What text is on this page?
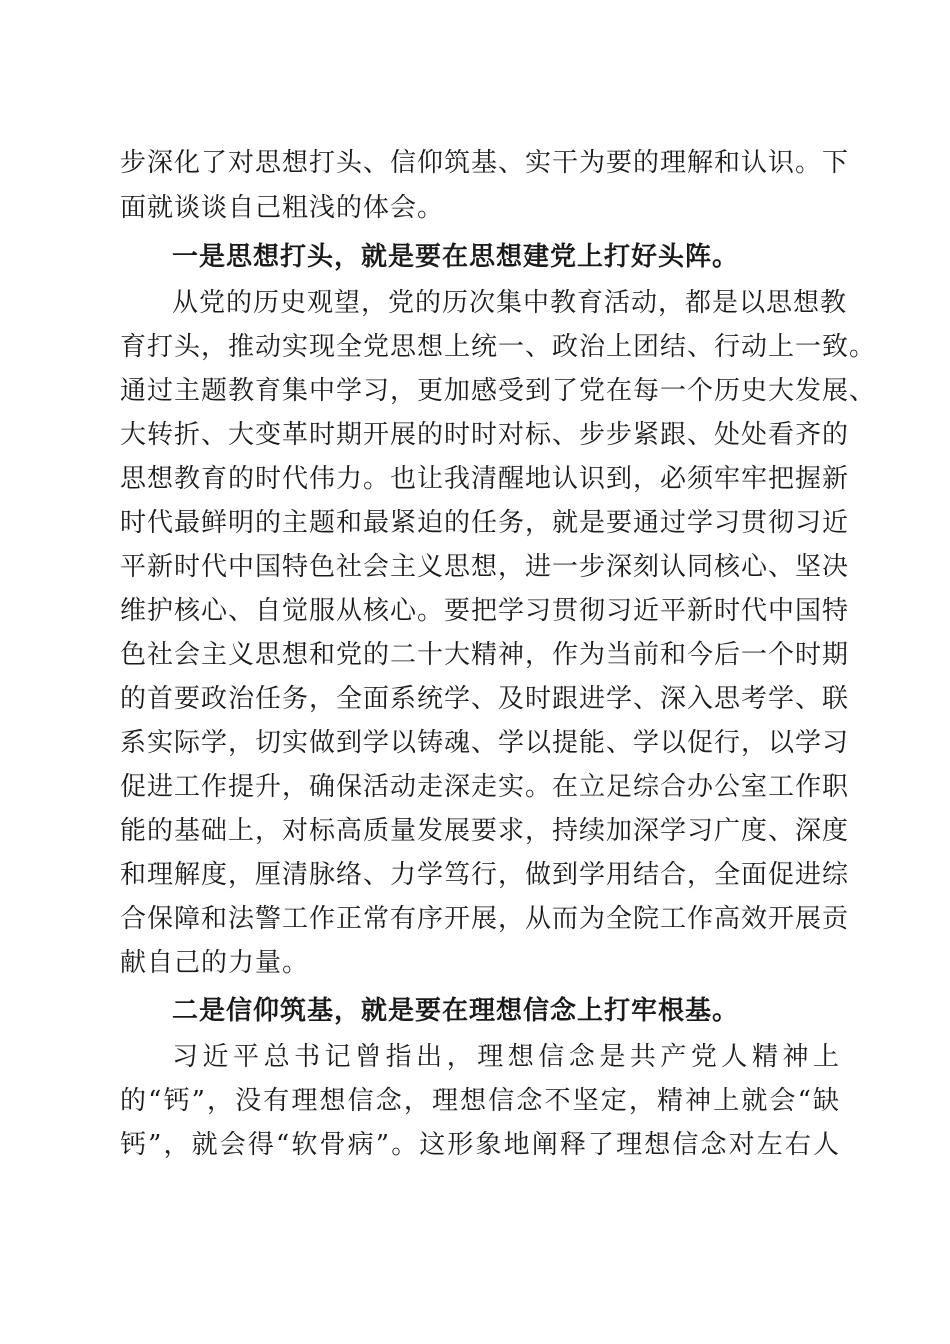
步深化了对思想打头、信仰筑基、实干为要的理解和认识。下
面就谈谈自己粗浅的体会。
一是思想打头，就是要在思想建党上打好头阵。
从党的历史观望，党的历次集中教育活动，都是以思想教
育打头，推动实现全党思想上统一、政治上团结、行动上一致。
通过主题教育集中学习，更加感受到了党在每一个历史大发展、
大转折、大变革时期开展的时时对标、步步紧跟、处处看齐的
思想教育的时代伟力。也让我清醒地认识到，必须牢牢把握新
时代最鲜明的主题和最紧迫的任务，就是要通过学习贯彻习近
平新时代中国特色社会主义思想，进一步深刻认同核心、坚决
维护核心、自觉服从核心。要把学习贯彻习近平新时代中国特
色社会主义思想和党的二十大精神，作为当前和今后一个时期
的首要政治任务，全面系统学、及时跟进学、深入思考学、联
系实际学，切实做到学以铸魂、学以提能、学以促行，以学习
促进工作提升，确保活动走深走实。在立足综合办公室工作职
能的基础上，对标高质量发展要求，持续加深学习广度、深度
和理解度，厘清脉络、力学笃行，做到学用结合，全面促进综
合保障和法警工作正常有序开展，从而为全院工作高效开展贡
献自己的力量。
二是信仰筑基，就是要在理想信念上打牢根基。
习近平总书记曾指出，理想信念是共产党人精神上
的“钙”，没有理想信念，理想信念不坚定，精神上就会“缺
钙”，就会得“软骨病”。这形象地阐释了理想信念对左右人
